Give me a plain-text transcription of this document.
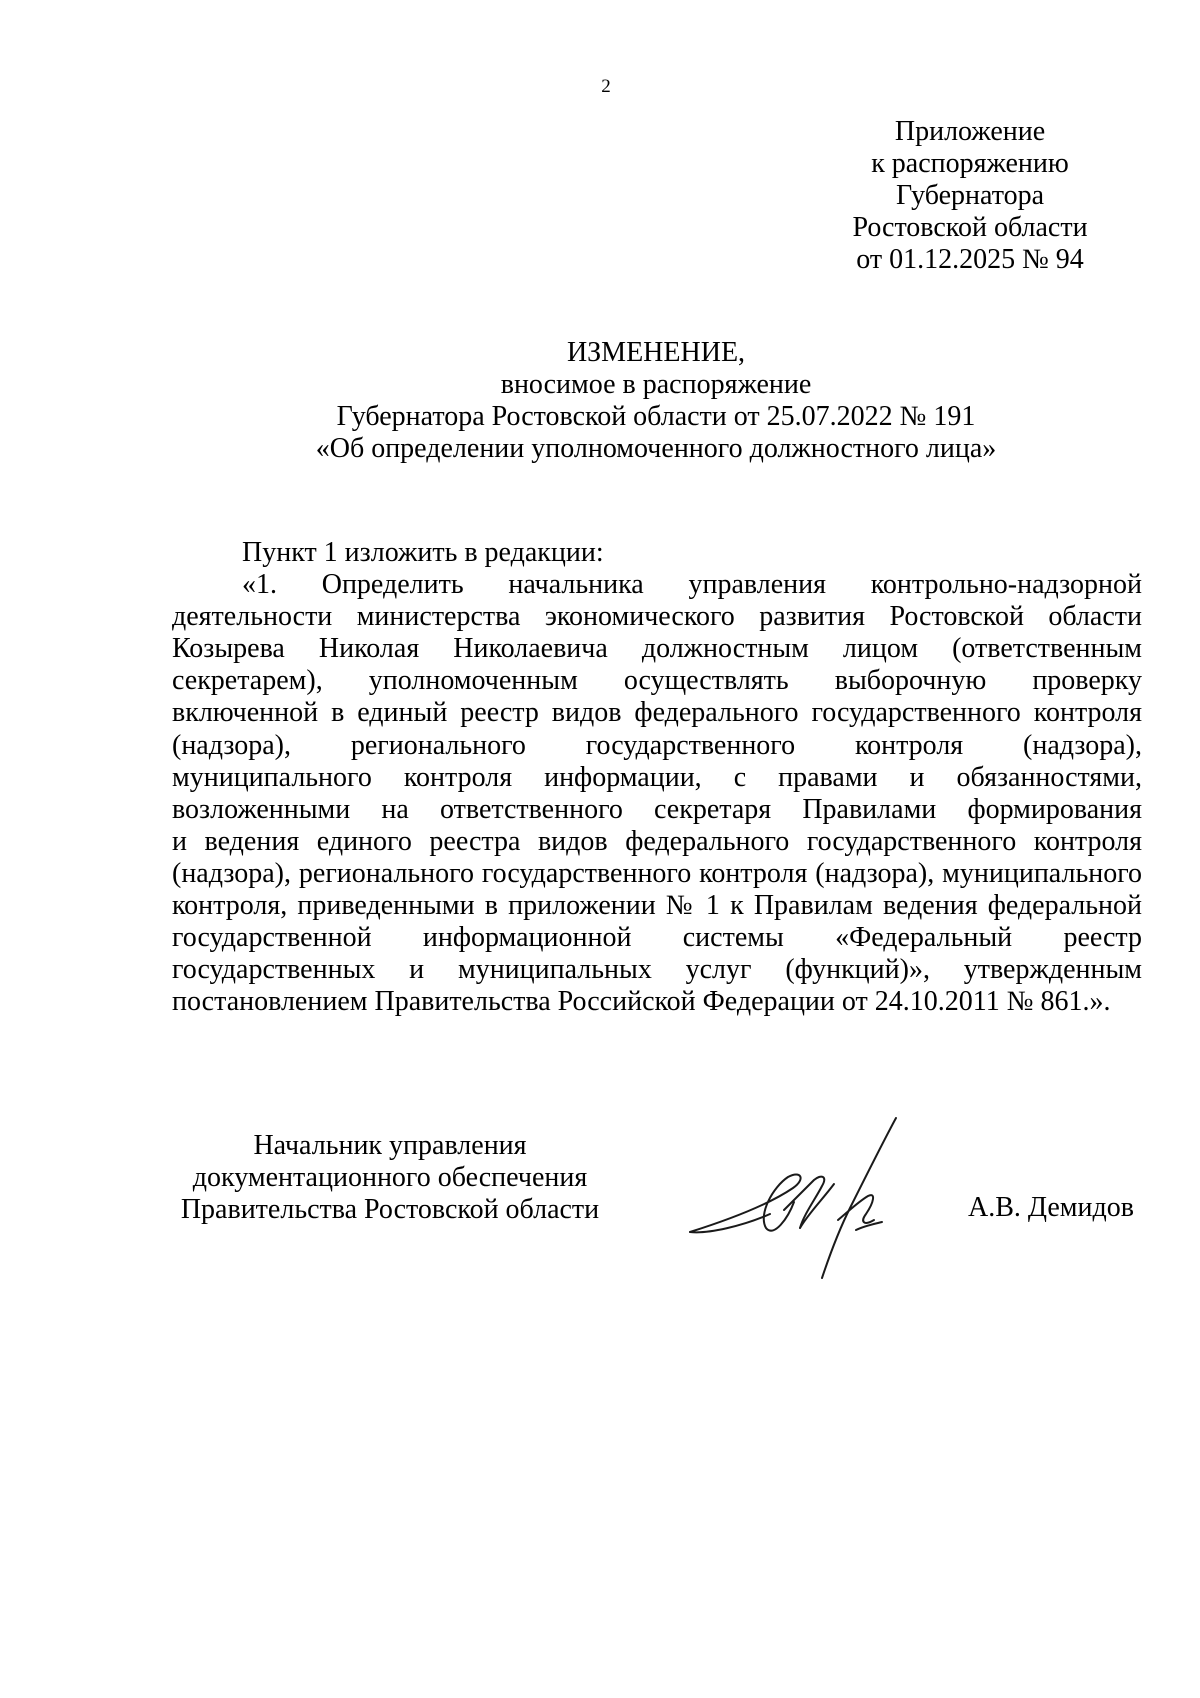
2
Приложение
к распоряжению
Губернатора
Ростовской области
от 01.12.2025 № 94
ИЗМЕНЕНИЕ,
вносимое в распоряжение
Губернатора Ростовской области от 25.07.2022 № 191
«Об определении уполномоченного должностного лица»
Пункт 1 изложить в редакции:
«1. Определить начальника управления контрольно-надзорной
деятельности министерства экономического развития Ростовской области
Козырева Николая Николаевича должностным лицом (ответственным
секретарем), уполномоченным осуществлять выборочную проверку
включенной в единый реестр видов федерального государственного контроля
(надзора), регионального государственного контроля (надзора),
муниципального контроля информации, с правами и обязанностями,
возложенными на ответственного секретаря Правилами формирования
и ведения единого реестра видов федерального государственного контроля
(надзора), регионального государственного контроля (надзора), муниципального
контроля, приведенными в приложении № 1 к Правилам ведения федеральной
государственной информационной системы «Федеральный реестр
государственных и муниципальных услуг (функций)», утвержденным
постановлением Правительства Российской Федерации от 24.10.2011 № 861.».
Начальник управления
документационного обеспечения
Правительства Ростовской области	А.В. Демидов
